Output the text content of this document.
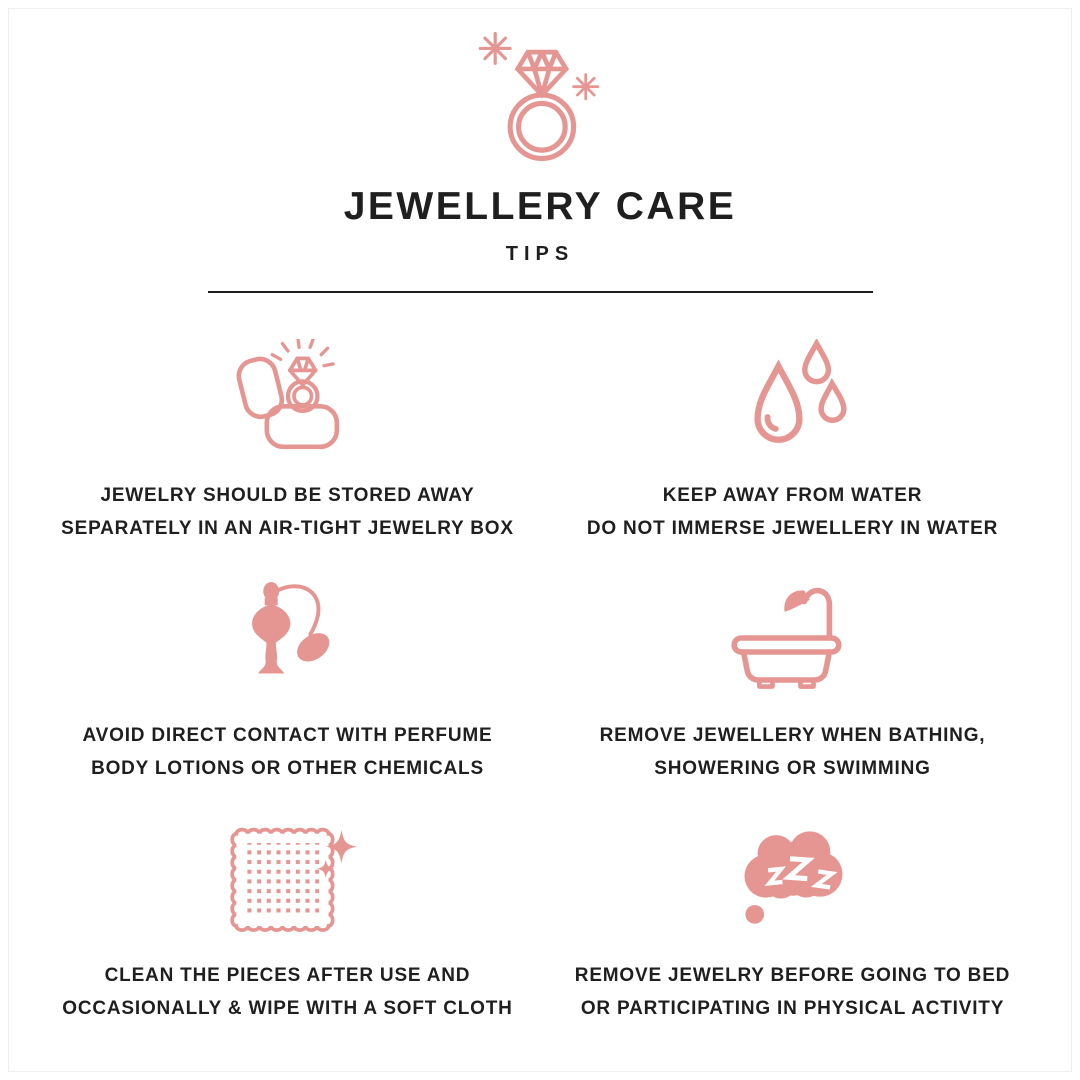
JEWELLERY CARE
TIPS
JEWELRY SHOULD BE STORED AWAY
SEPARATELY IN AN AIR-TIGHT JEWELRY BOX
KEEP AWAY FROM WATER
DO NOT IMMERSE JEWELLERY IN WATER
AVOID DIRECT CONTACT WITH PERFUME
BODY LOTIONS OR OTHER CHEMICALS
REMOVE JEWELLERY WHEN BATHING,
SHOWERING OR SWIMMING
CLEAN THE PIECES AFTER USE AND
OCCASIONALLY & WIPE WITH A SOFT CLOTH
REMOVE JEWELRY BEFORE GOING TO BED
OR PARTICIPATING IN PHYSICAL ACTIVITY
